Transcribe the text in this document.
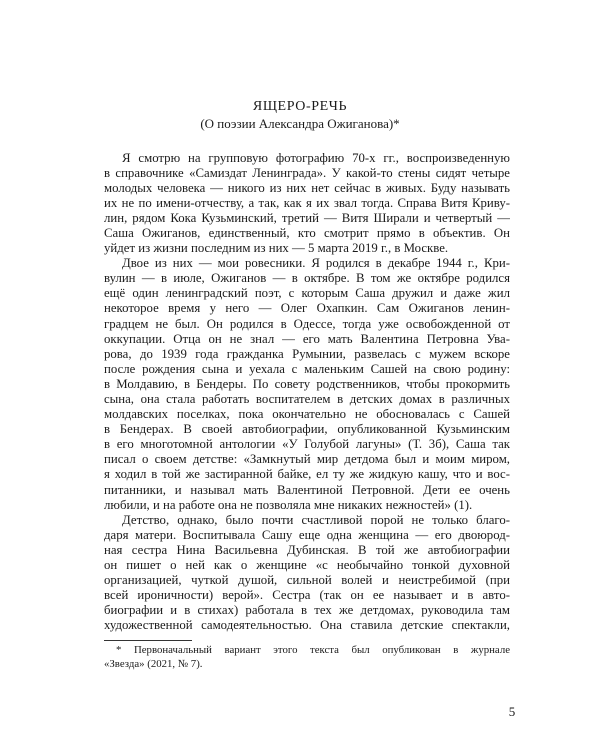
ЯЩЕРО-РЕЧЬ
(О поэзии Александра Ожиганова)*
Я смотрю на групповую фотографию 70-х гг., воспроизведенную
в справочнике «Самиздат Ленинграда». У какой-то стены сидят четыре
молодых человека — никого из них нет сейчас в живых. Буду называть
их не по имени-отчеству, а так, как я их звал тогда. Справа Витя Криву-
лин, рядом Кока Кузьминский, третий — Витя Ширали и четвертый —
Саша Ожиганов, единственный, кто смотрит прямо в объектив. Он
уйдет из жизни последним из них — 5 марта 2019 г., в Москве.
Двое из них — мои ровесники. Я родился в декабре 1944 г., Кри-
вулин — в июле, Ожиганов — в октябре. В том же октябре родился
ещё один ленинградский поэт, с которым Саша дружил и даже жил
некоторое время у него — Олег Охапкин. Сам Ожиганов ленин-
градцем не был. Он родился в Одессе, тогда уже освобожденной от
оккупации. Отца он не знал — его мать Валентина Петровна Ува-
рова, до 1939 года гражданка Румынии, развелась с мужем вскоре
после рождения сына и уехала с маленьким Сашей на свою родину:
в Молдавию, в Бендеры. По совету родственников, чтобы прокормить
сына, она стала работать воспитателем в детских домах в различных
молдавских поселках, пока окончательно не обосновалась с Сашей
в Бендерах. В своей автобиографии, опубликованной Кузьминским
в его многотомной антологии «У Голубой лагуны» (Т. 3б), Саша так
писал о своем детстве: «Замкнутый мир детдома был и моим миром,
я ходил в той же застиранной байке, ел ту же жидкую кашу, что и вос-
питанники, и называл мать Валентиной Петровной. Дети ее очень
любили, и на работе она не позволяла мне никаких нежностей» (1).
Детство, однако, было почти счастливой порой не только благо-
даря матери. Воспитывала Сашу еще одна женщина — его двоюрод-
ная сестра Нина Васильевна Дубинская. В той же автобиографии
он пишет о ней как о женщине «с необычайно тонкой духовной
организацией, чуткой душой, сильной волей и неистребимой (при
всей ироничности) верой». Сестра (так он ее называет и в авто-
биографии и в стихах) работала в тех же детдомах, руководила там
художественной самодеятельностью. Она ставила детские спектакли,
* Первоначальный вариант этого текста был опубликован в журнале
«Звезда» (2021, № 7).
5
